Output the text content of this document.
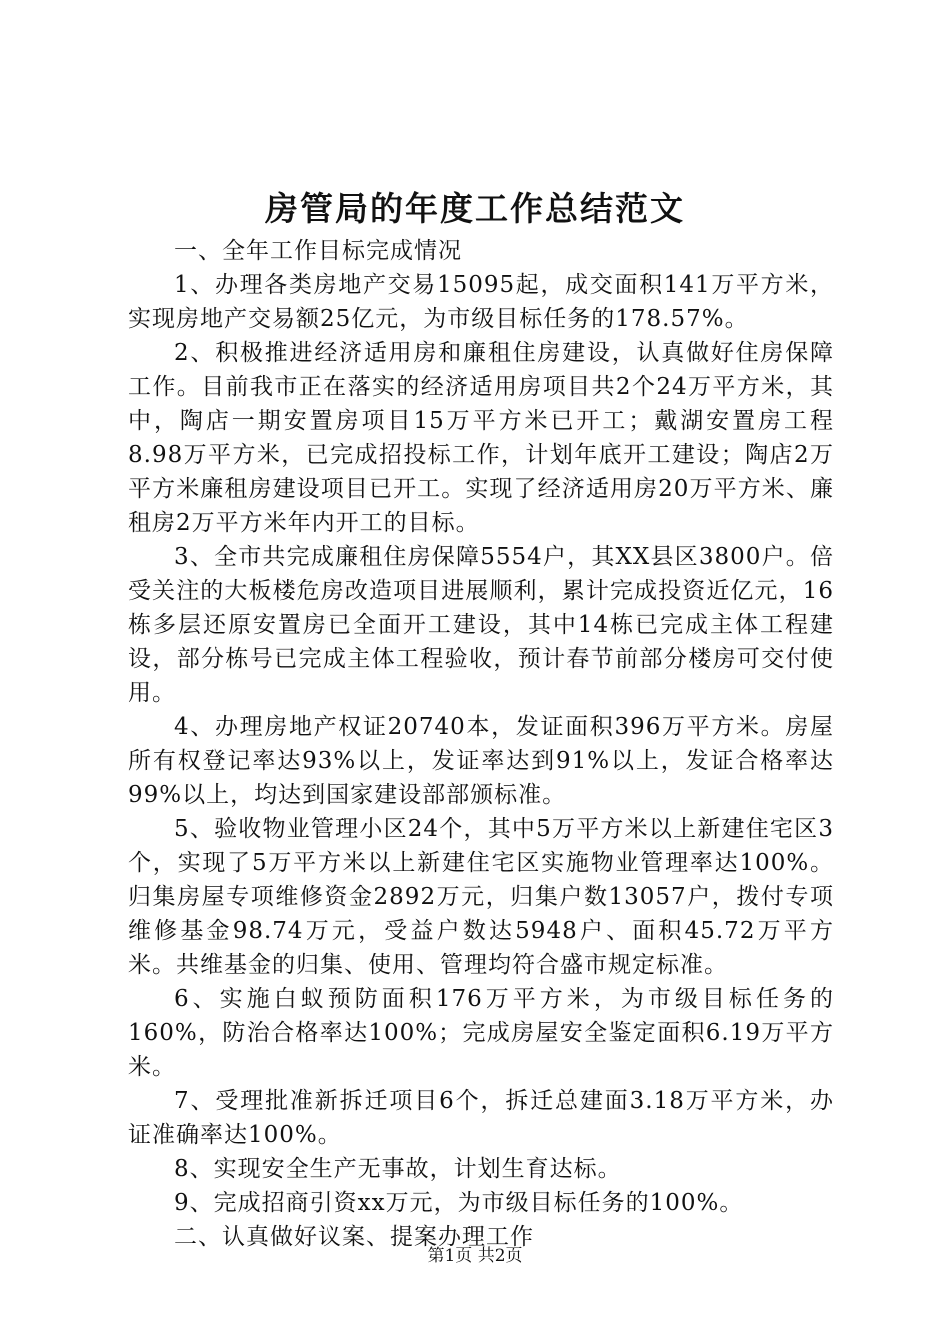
房管局的年度工作总结范文

一、全年工作目标完成情况

1、办理各类房地产交易15095起，成交面积141万平方米，实现房地产交易额25亿元，为市级目标任务的178.57%。

2、积极推进经济适用房和廉租住房建设，认真做好住房保障工作。目前我市正在落实的经济适用房项目共2个24万平方米，其中，陶店一期安置房项目15万平方米已开工；戴湖安置房工程8.98万平方米，已完成招投标工作，计划年底开工建设；陶店2万平方米廉租房建设项目已开工。实现了经济适用房20万平方米、廉租房2万平方米年内开工的目标。

3、全市共完成廉租住房保障5554户，其XX县区3800户。倍受关注的大板楼危房改造项目进展顺利，累计完成投资近亿元，16栋多层还原安置房已全面开工建设，其中14栋已完成主体工程建设，部分栋号已完成主体工程验收，预计春节前部分楼房可交付使用。

4、办理房地产权证20740本，发证面积396万平方米。房屋所有权登记率达93%以上，发证率达到91%以上，发证合格率达99%以上，均达到国家建设部部颁标准。

5、验收物业管理小区24个，其中5万平方米以上新建住宅区3个，实现了5万平方米以上新建住宅区实施物业管理率达100%。归集房屋专项维修资金2892万元，归集户数13057户，拨付专项维修基金98.74万元，受益户数达5948户、面积45.72万平方米。共维基金的归集、使用、管理均符合盛市规定标准。

6、实施白蚁预防面积176万平方米，为市级目标任务的160%，防治合格率达100%；完成房屋安全鉴定面积6.19万平方米。

7、受理批准新拆迁项目6个，拆迁总建面3.18万平方米，办证准确率达100%。

8、实现安全生产无事故，计划生育达标。

9、完成招商引资xx万元，为市级目标任务的100%。

二、认真做好议案、提案办理工作

第1页 共2页
